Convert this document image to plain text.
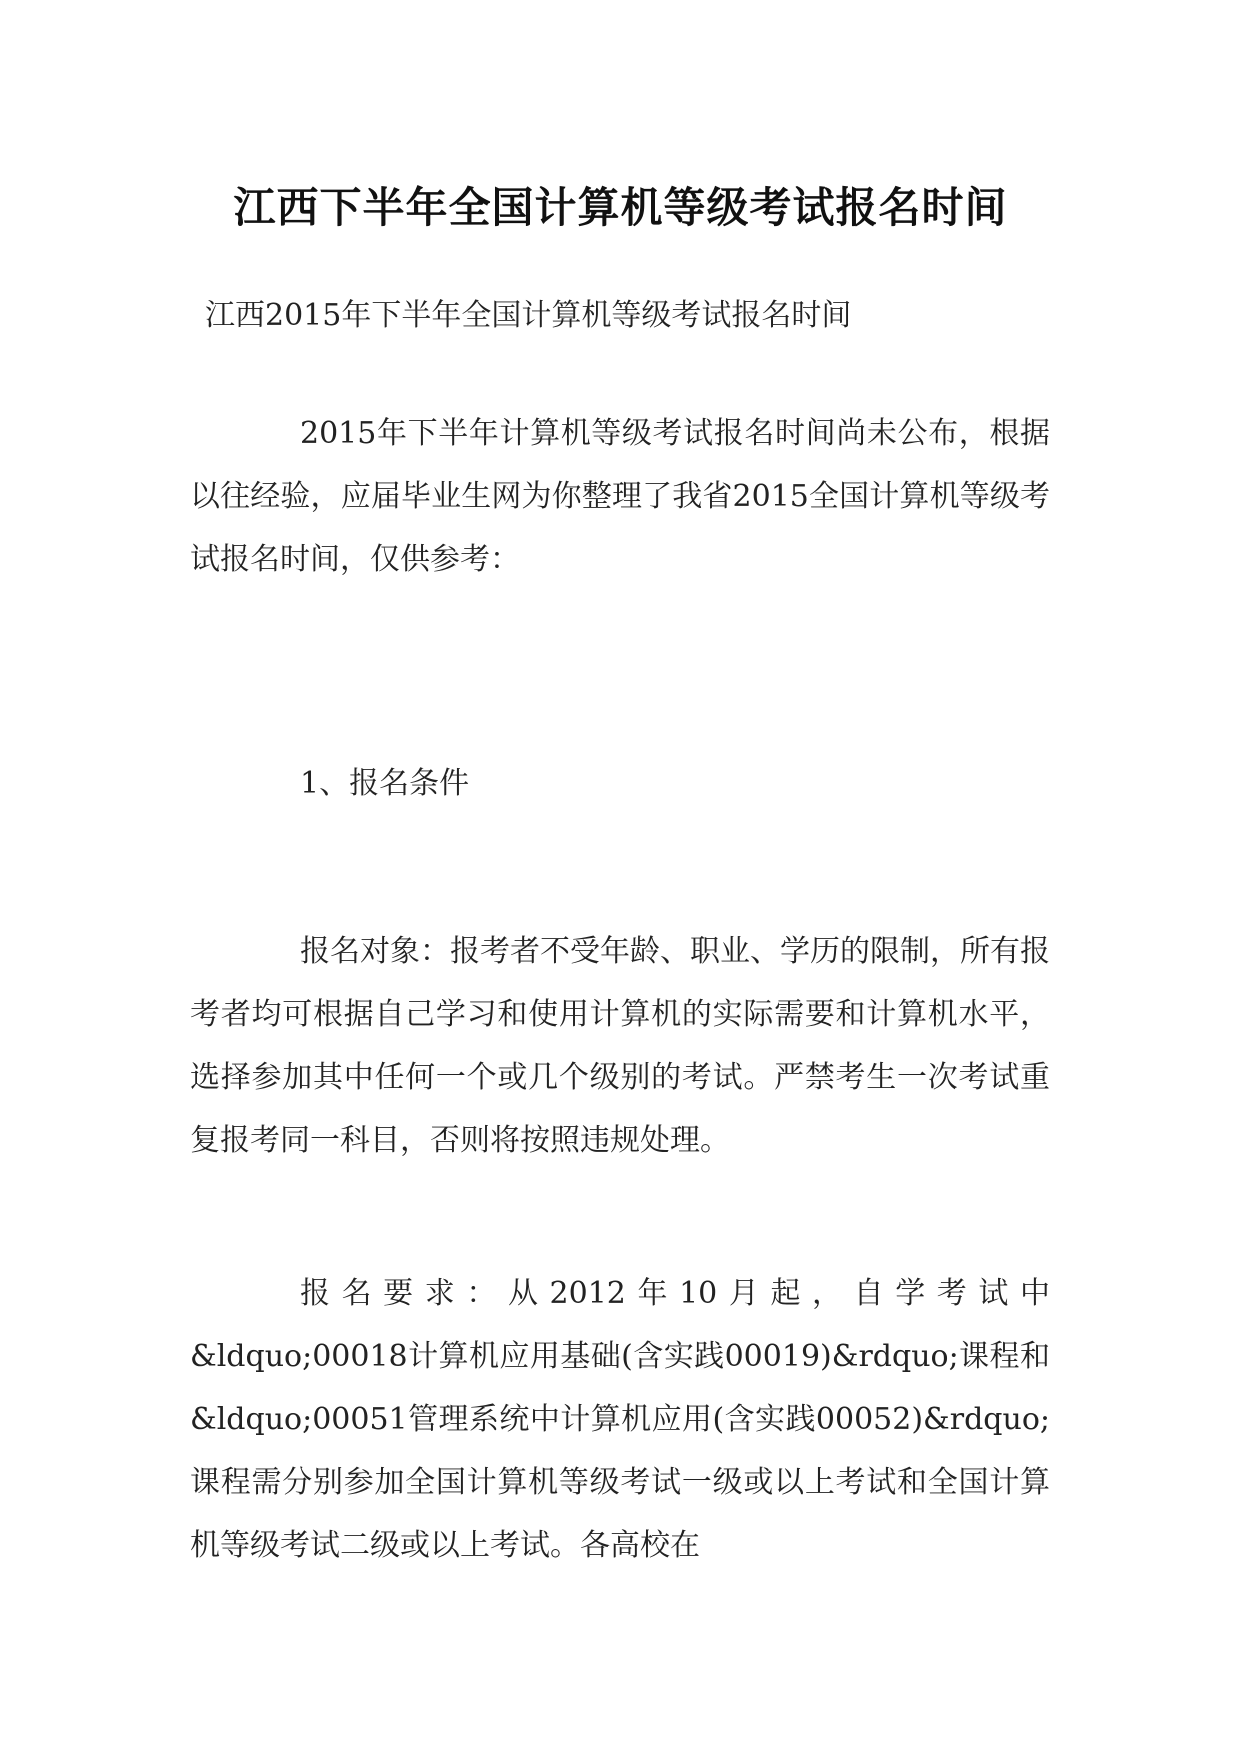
江西下半年全国计算机等级考试报名时间

江西2015年下半年全国计算机等级考试报名时间

2015年下半年计算机等级考试报名时间尚未公布，根据以往经验，应届毕业生网为你整理了我省2015全国计算机等级考试报名时间，仅供参考：

1、报名条件

报名对象：报考者不受年龄、职业、学历的限制，所有报考者均可根据自己学习和使用计算机的实际需要和计算机水平，选择参加其中任何一个或几个级别的考试。严禁考生一次考试重复报考同一科目，否则将按照违规处理。

报名要求：从2012年10月起，自学考试中&ldquo;00018计算机应用基础(含实践00019)&rdquo;课程和&ldquo;00051管理系统中计算机应用(含实践00052)&rdquo;课程需分别参加全国计算机等级考试一级或以上考试和全国计算机等级考试二级或以上考试。各高校在
